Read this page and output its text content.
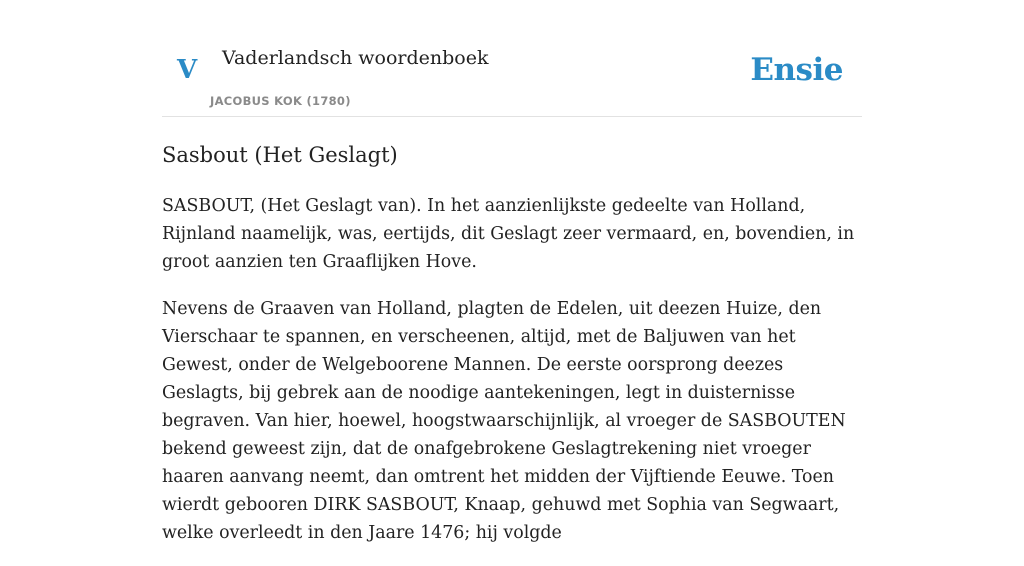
V Vaderlandsch woordenboek
JACOBUS KOK (1780)
Ensie
Sasbout (Het Geslagt)

SASBOUT, (Het Geslagt van). In het aanzienlijkste gedeelte van Holland, Rijnland naamelijk, was, eertijds, dit Geslagt zeer vermaard, en, bovendien, in groot aanzien ten Graaflijken Hove.

Nevens de Graaven van Holland, plagten de Edelen, uit deezen Huize, den Vierschaar te spannen, en verscheenen, altijd, met de Baljuwen van het Gewest, onder de Welgeboorene Mannen. De eerste oorsprong deezes Geslagts, bij gebrek aan de noodige aantekeningen, legt in duisternisse begraven. Van hier, hoewel, hoogstwaarschijnlijk, al vroeger de SASBOUTEN bekend geweest zijn, dat de onafgebrokene Geslagtrekening niet vroeger haaren aanvang neemt, dan omtrent het midden der Vijftiende Eeuwe. Toen wierdt gebooren DIRK SASBOUT, Knaap, gehuwd met Sophia van Segwaart, welke overleedt in den Jaare 1476; hij volgde
